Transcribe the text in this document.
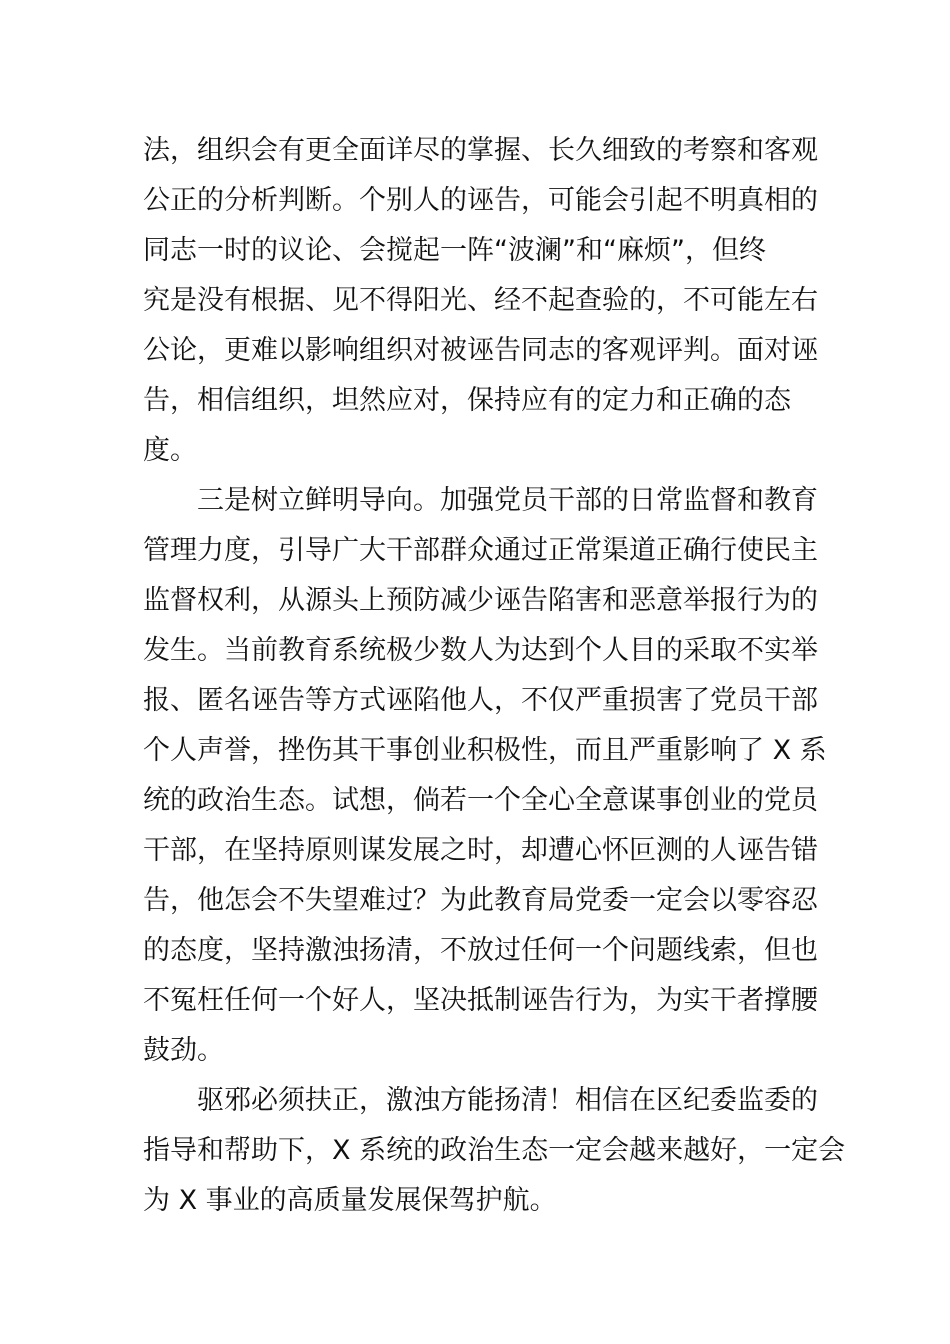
法，组织会有更全面详尽的掌握、长久细致的考察和客观
公正的分析判断。个别人的诬告，可能会引起不明真相的
同志一时的议论、会搅起一阵“波澜”和“麻烦”，但终
究是没有根据、见不得阳光、经不起查验的，不可能左右
公论，更难以影响组织对被诬告同志的客观评判。面对诬
告，相信组织，坦然应对，保持应有的定力和正确的态
度。

三是树立鲜明导向。加强党员干部的日常监督和教育
管理力度，引导广大干部群众通过正常渠道正确行使民主
监督权利，从源头上预防减少诬告陷害和恶意举报行为的
发生。当前教育系统极少数人为达到个人目的采取不实举
报、匿名诬告等方式诬陷他人，不仅严重损害了党员干部
个人声誉，挫伤其干事创业积极性，而且严重影响了 X 系
统的政治生态。试想，倘若一个全心全意谋事创业的党员
干部，在坚持原则谋发展之时，却遭心怀叵测的人诬告错
告，他怎会不失望难过？为此教育局党委一定会以零容忍
的态度，坚持激浊扬清，不放过任何一个问题线索，但也
不冤枉任何一个好人，坚决抵制诬告行为，为实干者撑腰
鼓劲。

驱邪必须扶正，激浊方能扬清！相信在区纪委监委的
指导和帮助下，X 系统的政治生态一定会越来越好，一定会
为 X 事业的高质量发展保驾护航。
